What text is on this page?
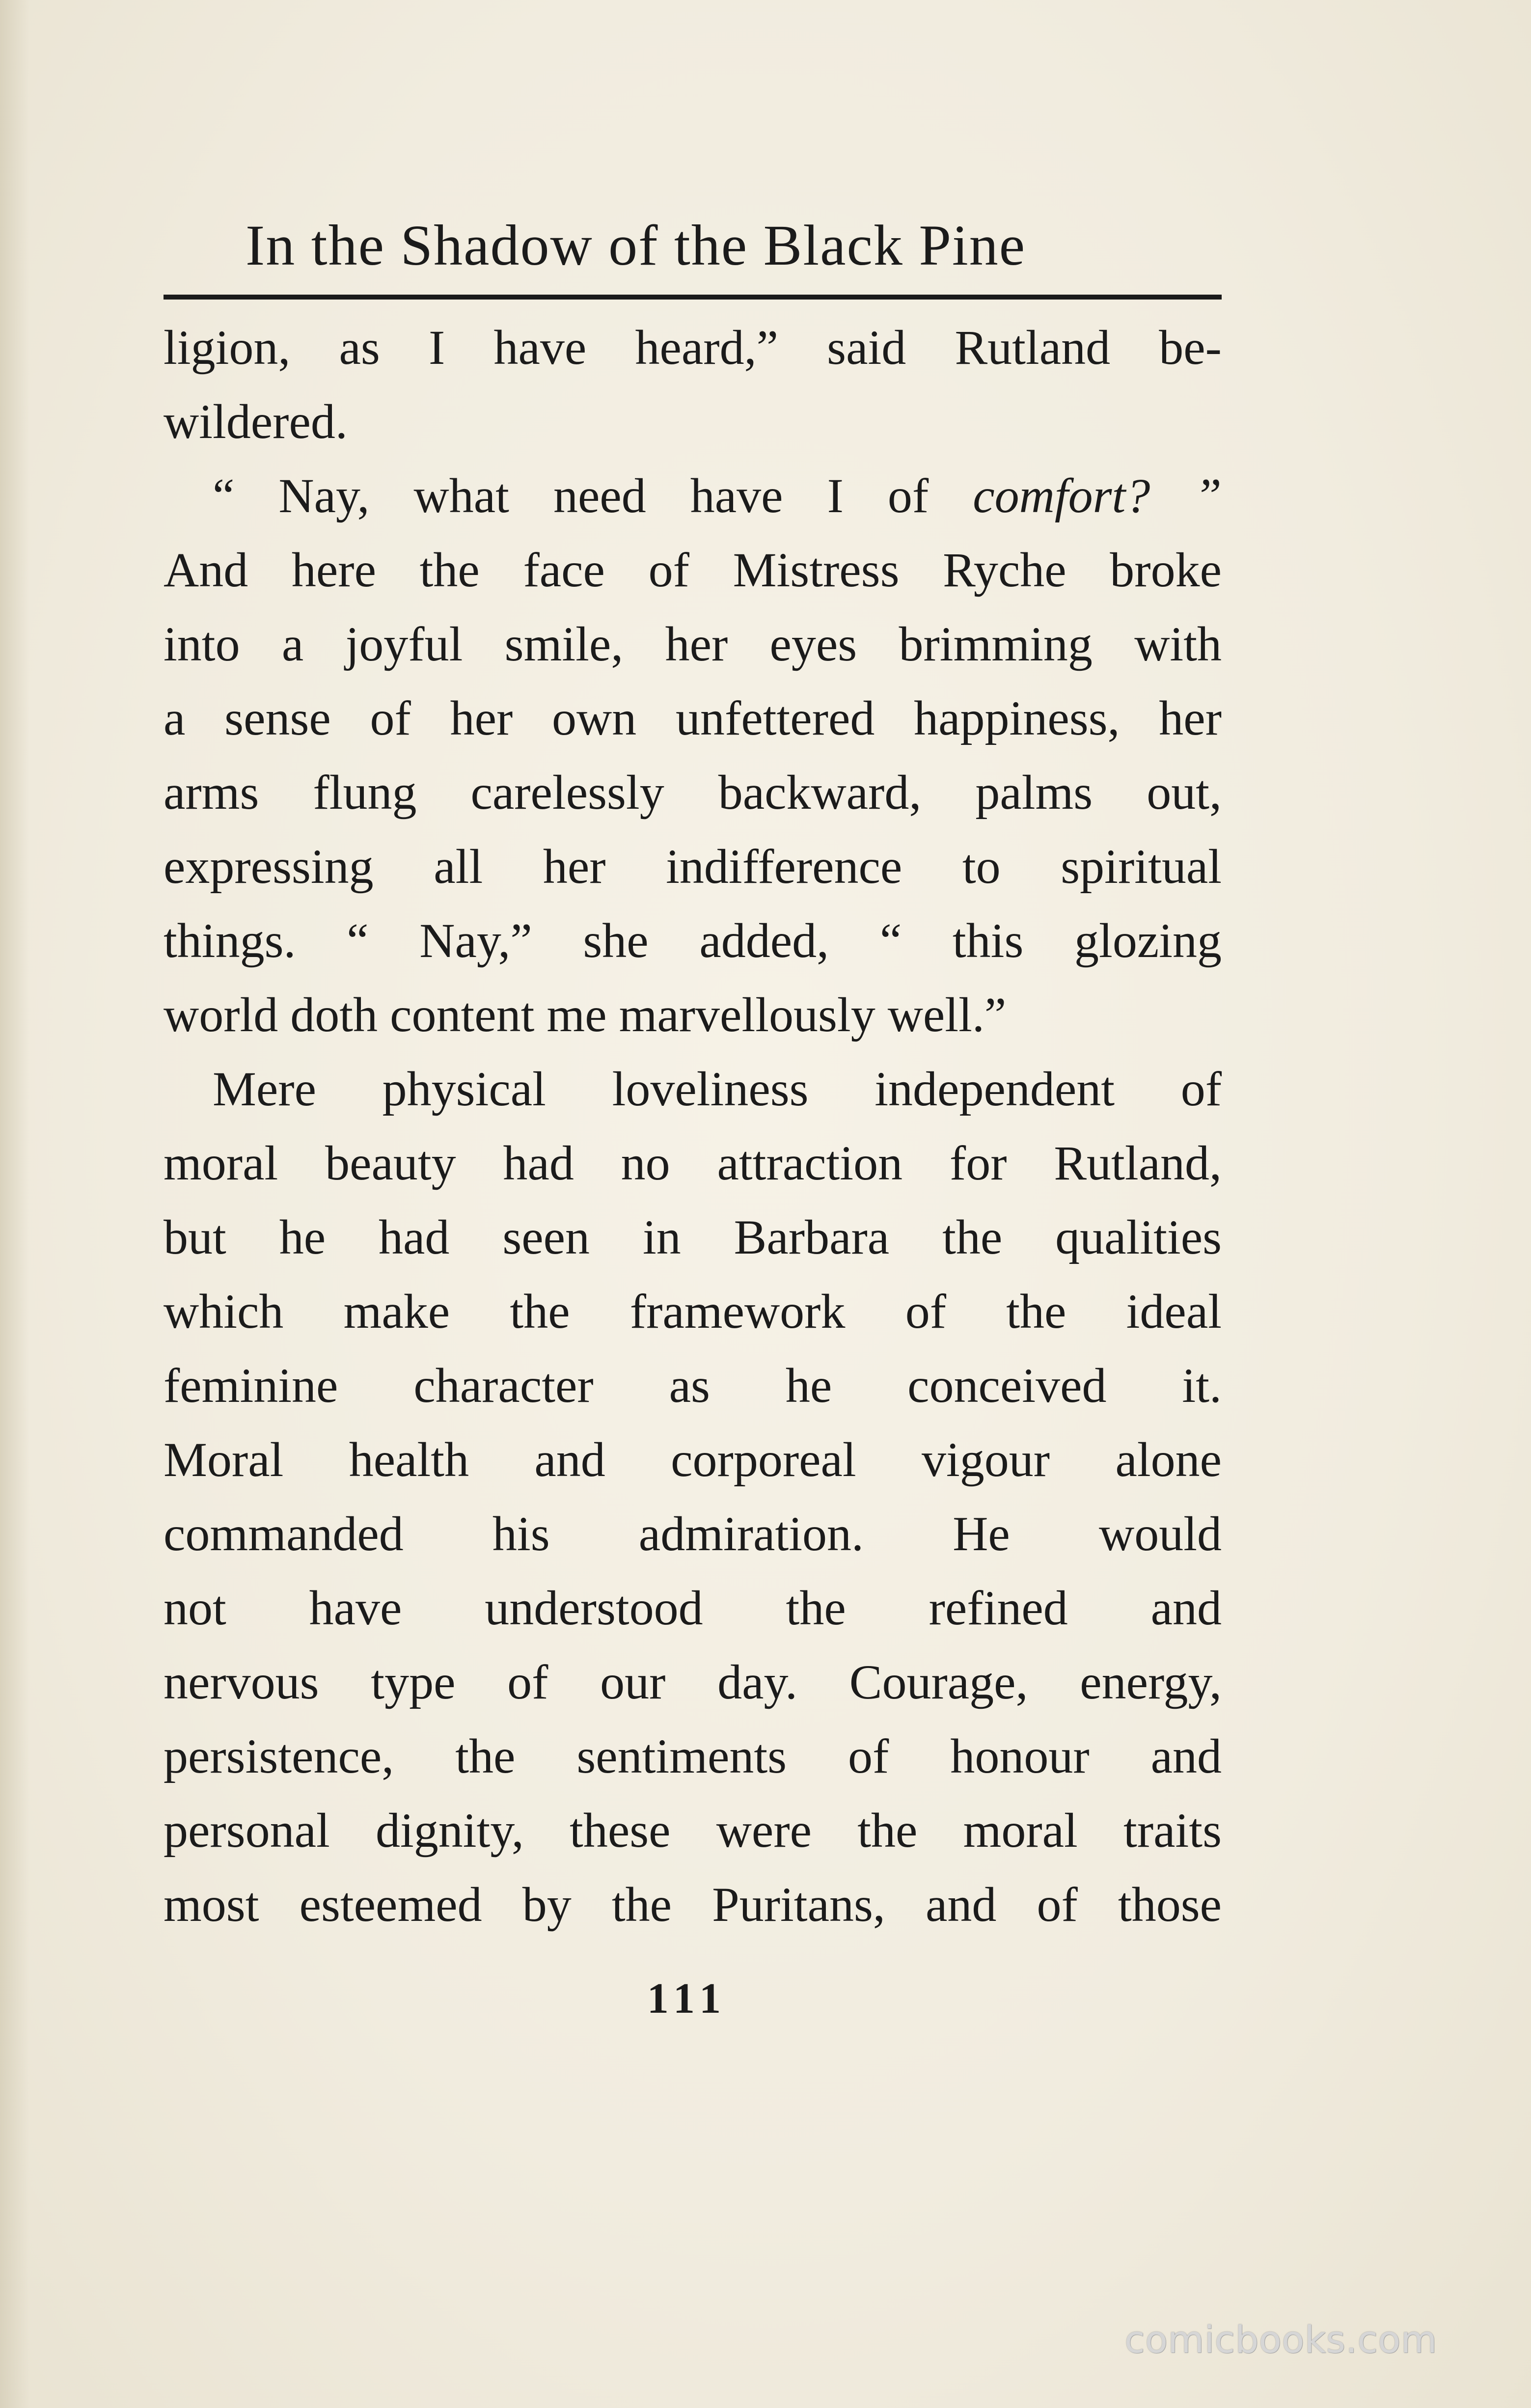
In the Shadow of the Black Pine
ligion, as I have heard,” said Rutland be-
wildered.
“ Nay, what need have I of comfort? ”
And here the face of Mistress Ryche broke
into a joyful smile, her eyes brimming with
a sense of her own unfettered happiness, her
arms flung carelessly backward, palms out,
expressing all her indifference to spiritual
things. “ Nay,” she added, “ this glozing
world doth content me marvellously well.”
Mere physical loveliness independent of
moral beauty had no attraction for Rutland,
but he had seen in Barbara the qualities
which make the framework of the ideal
feminine character as he conceived it.
Moral health and corporeal vigour alone
commanded his admiration. He would
not have understood the refined and
nervous type of our day. Courage, energy,
persistence, the sentiments of honour and
personal dignity, these were the moral traits
most esteemed by the Puritans, and of those
111
comicbooks.com
